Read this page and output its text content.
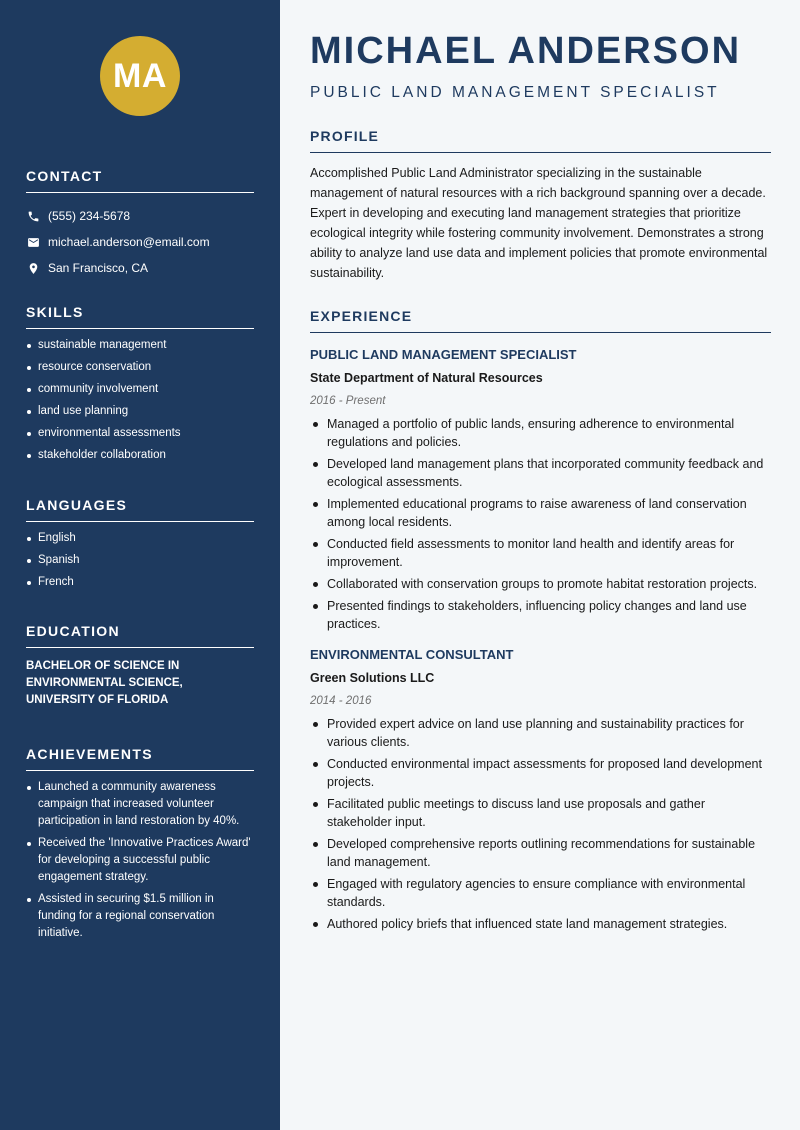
MA
CONTACT
(555) 234-5678
michael.anderson@email.com
San Francisco, CA
SKILLS
sustainable management
resource conservation
community involvement
land use planning
environmental assessments
stakeholder collaboration
LANGUAGES
English
Spanish
French
EDUCATION

BACHELOR OF SCIENCE IN ENVIRONMENTAL SCIENCE, UNIVERSITY OF FLORIDA

ACHIEVEMENTS
Launched a community awareness campaign that increased volunteer participation in land restoration by 40%.
Received the 'Innovative Practices Award' for developing a successful public engagement strategy.
Assisted in securing $1.5 million in funding for a regional conservation initiative.
MICHAEL ANDERSON
PUBLIC LAND MANAGEMENT SPECIALIST
PROFILE

Accomplished Public Land Administrator specializing in the sustainable management of natural resources with a rich background spanning over a decade. Expert in developing and executing land management strategies that prioritize ecological integrity while fostering community involvement. Demonstrates a strong ability to analyze land use data and implement policies that promote environmental sustainability.

EXPERIENCE
PUBLIC LAND MANAGEMENT SPECIALIST
State Department of Natural Resources
2016 - Present
Managed a portfolio of public lands, ensuring adherence to environmental regulations and policies.
Developed land management plans that incorporated community feedback and ecological assessments.
Implemented educational programs to raise awareness of land conservation among local residents.
Conducted field assessments to monitor land health and identify areas for improvement.
Collaborated with conservation groups to promote habitat restoration projects.
Presented findings to stakeholders, influencing policy changes and land use practices.
ENVIRONMENTAL CONSULTANT
Green Solutions LLC
2014 - 2016
Provided expert advice on land use planning and sustainability practices for various clients.
Conducted environmental impact assessments for proposed land development projects.
Facilitated public meetings to discuss land use proposals and gather stakeholder input.
Developed comprehensive reports outlining recommendations for sustainable land management.
Engaged with regulatory agencies to ensure compliance with environmental standards.
Authored policy briefs that influenced state land management strategies.
